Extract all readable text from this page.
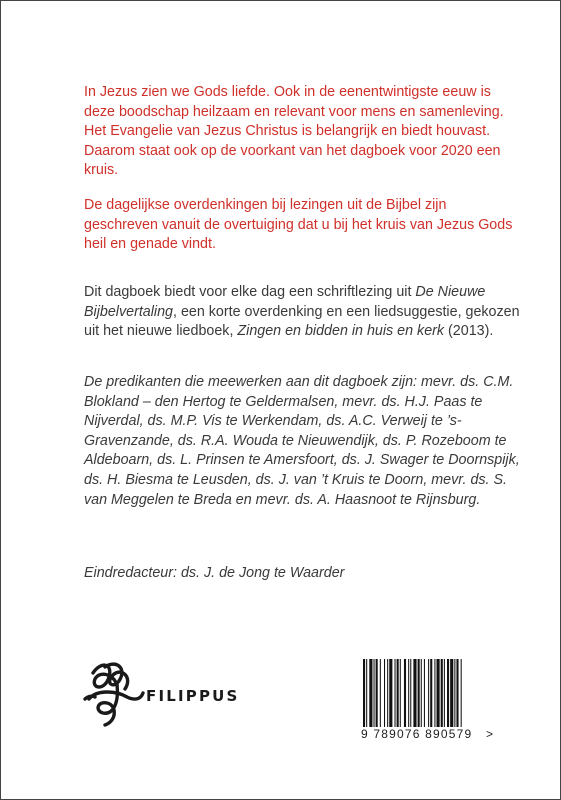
In Jezus zien we Gods liefde. Ook in de eenentwintigste eeuw is deze boodschap heilzaam en relevant voor mens en samenleving. Het Evangelie van Jezus Christus is belangrijk en biedt houvast. Daarom staat ook op de voorkant van het dagboek voor 2020 een kruis.
De dagelijkse overdenkingen bij lezingen uit de Bijbel zijn geschreven vanuit de overtuiging dat u bij het kruis van Jezus Gods heil en genade vindt.
Dit dagboek biedt voor elke dag een schriftlezing uit De Nieuwe Bijbelvertaling, een korte overdenking en een liedsuggestie, gekozen uit het nieuwe liedboek, Zingen en bidden in huis en kerk (2013).
De predikanten die meewerken aan dit dagboek zijn: mevr. ds. C.M. Blokland – den Hertog te Geldermalsen, mevr. ds. H.J. Paas te Nijverdal, ds. M.P. Vis te Werkendam, ds. A.C. Verweij te ’s-Gravenzande, ds. R.A. Wouda te Nieuwendijk, ds. P. Rozeboom te Aldeboarn, ds. L. Prinsen te Amersfoort, ds. J. Swager te Doornspijk, ds. H. Biesma te Leusden, ds. J. van ’t Kruis te Doorn, mevr. ds. S. van Meggelen te Breda en mevr. ds. A. Haasnoot te Rijnsburg.
Eindredacteur: ds. J. de Jong te Waarder
FILIPPUS
9 789076 890579 >
